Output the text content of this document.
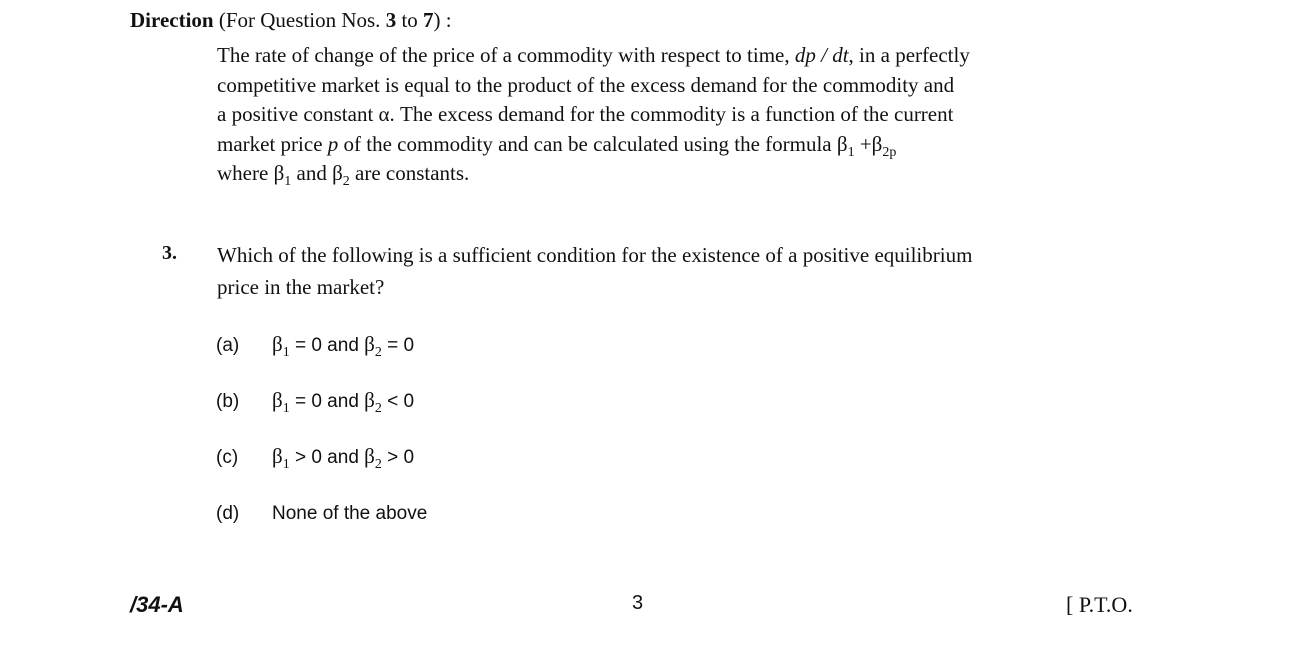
Direction (For Question Nos. 3 to 7) :
The rate of change of the price of a commodity with respect to time, dp / dt, in a perfectly
competitive market is equal to the product of the excess demand for the commodity and
a positive constant α. The excess demand for the commodity is a function of the current
market price p of the commodity and can be calculated using the formula $\beta_1 +\beta_{2p}$
where $\beta_1$ and $\beta_2$ are constants.
3. Which of the following is a sufficient condition for the existence of a positive equilibrium
price in the market?
(a) $\beta_1 = 0$ and $\beta_2 = 0$
(b) $\beta_1 = 0$ and $\beta_2 < 0$
(c) $\beta_1 > 0$ and $\beta_2 > 0$
(d) None of the above
/34-A	3	[ P.T.O.
